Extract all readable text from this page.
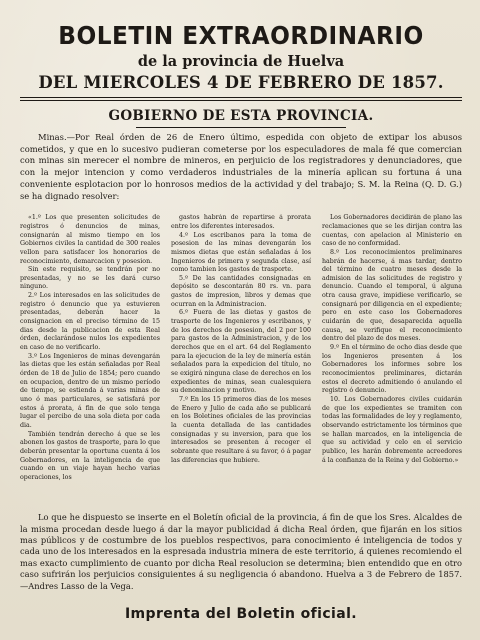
BOLETIN EXTRAORDINARIO
de la provincia de Huelva
DEL MIERCOLES 4 DE FEBRERO DE 1857.
GOBIERNO DE ESTA PROVINCIA.

Minas.—Por Real órden de 26 de Enero último, espedida con objeto de extipar los abusos cometidos, y que en lo sucesivo pudieran cometerse por los especuladores de mala fé que comercian con minas sin merecer el nombre de mineros, en perjuicio de los registradores y denunciadores, que con la mejor intencion y como verdaderos industriales de la minería aplican su fortuna á una conveniente esplotacion por lo honrosos medios de la actividad y del trabajo; S. M. la Reina (Q. D. G.) se ha dignado resolver:

«1.º Los que presenten solicitudes de registros ó denuncios de minas, consignarán al mismo tiempo en los Gobiernos civiles la cantidad de 300 reales vellon para satisfacer los honorarios de reconocimiento, demarcacion y posesion.

Sin este requisito, se tendrán por no presentadas, y no se les dará curso ninguno.

2.º Los interesados en las solicitudes de registro ó denuncio que ya estuvieren presentadas, deberán hacer la consignacion en el preciso término de 15 dias desde la publicacion de esta Real órden, declarándose nulos los expedientes en caso de no verificarlo.

3.º Los Ingenieros de minas devengarán las dietas que les están señaladas por Real órden de 18 de Julio de 1854; pero cuando en ocupacion, dentro de un mismo período de tiempo, se estienda á varias minas de uno ó mas particulares, se satisfará por estos á prorata, á fin de que solo tenga lugar el percibo de una sola dieta por cada dia.

También tendrán derecho á que se les abonen los gastos de trasporte, para lo que deberán presentar la oportuna cuenta á los Gobernadores, en la inteligencia de que cuando en un viaje hayan hecho varias operaciones, los

gastos habrán de repartirse á prorata entre los diferentes interesados.

4.º Los escribanos para la toma de posesion de las minas devengarán los mismos dietas que están señaladas á los Ingenieros de primera y segunda clase, así como tambien los gastos de trasporte.

5.º De las cantidades consignadas en depósito se descontarán 80 rs. vn. para gastos de impresion, libros y demas que ocurran en la Administracion.

6.º Fuera de las dietas y gastos de trasporte de los Ingenieros y escribanos, y de los derechos de posesion, del 2 por 100 para gastos de la Administracion, y de los derechos que en el art. 64 del Reglamento para la ejecucion de la ley de minería están señalados para la expedicion del título, no se exigirá ninguna clase de derechos en los expedientes de minas, sean cualesquiera su denominacion y motivo.

7.º En los 15 primeros dias de los meses de Enero y Julio de cada año se publicará en los Boletines oficiales de las provincias la cuenta detallada de las cantidades consignadas y su inversion, para que los interesados se presenten á recoger el sobrante que resultare á su favor, ó á pagar las diferencias que hubiere.

Los Gobernadores decidirán de plano las reclamaciones que se les dirijan contra las cuentas, con apelacion al Ministerio en caso de no conformidad.

8.º Los reconocimientos preliminares habrán de hacerse, á mas tardar, dentro del término de cuatro meses desde la admision de las solicitudes de registro y denuncio. Cuando el temporal, ú alguna otra causa grave, impidiese verificarlo, se consignará por diligencia en el expediente; pero en este caso los Gobernadores cuidarán de que, desaparecida aquella causa, se verifique el reconocimiento dentro del plazo de dos meses.

9.º En el término de ocho dias desde que los Ingenieros presenten á los Gobernadores los informes sobre los reconocimientos preliminares, dictarán estos el decreto admitiendo ó anulando el registro ó denuncio.

10. Los Gobernadores civiles cuidarán de que los expedientes se tramiten con todas las formalidades de ley y reglamento, observando estrictamente los términos que se hallan marcados, en la inteligencia de que su actividad y celo en el servicio publico, les harán dobremente acreedores á la confianza de la Reina y del Gobierno.»

Lo que he dispuesto se inserte en el Boletín oficial de la provincia, á fin de que los Sres. Alcaldes de la misma procedan desde luego á dar la mayor publicidad á dicha Real órden, que fijarán en los sitios mas públicos y de costumbre de los pueblos respectivos, para conocimiento é inteligencia de todos y cada uno de los interesados en la espresada industria minera de este territorio, á quienes recomiendo el mas exacto cumplimiento de cuanto por dicha Real resolucion se determina; bien entendido que en otro caso sufrirán los perjuicios consiguientes á su negligencia ó abandono. Huelva a 3 de Febrero de 1857.—Andres Lasso de la Vega.

Imprenta del Boletin oficial.
